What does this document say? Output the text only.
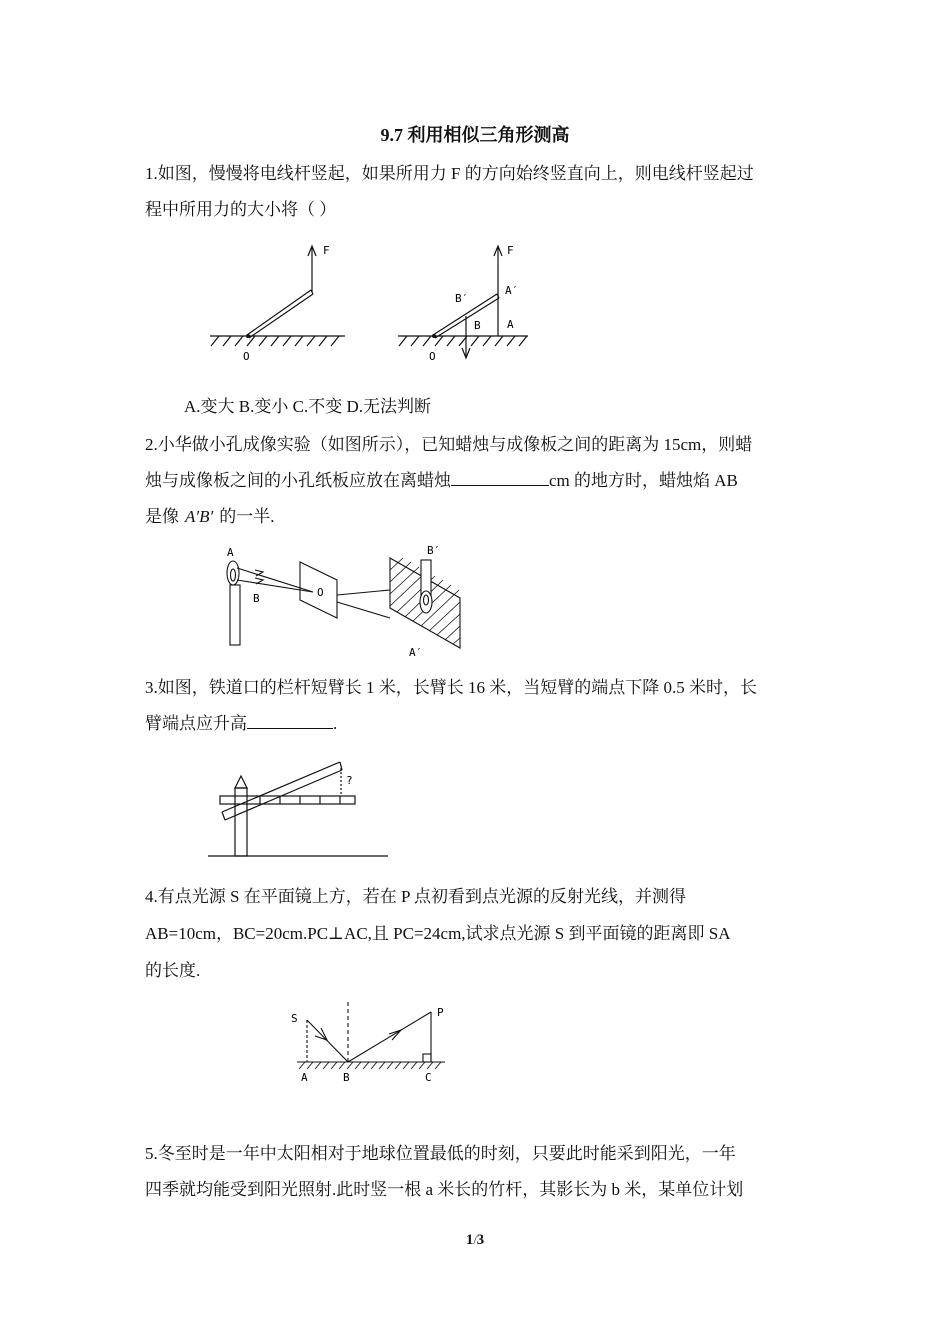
9.7 利用相似三角形测高
1.如图，慢慢将电线杆竖起，如果所用力 F 的方向始终竖直向上，则电线杆竖起过
程中所用力的大小将（ ）
F
O
F
A′
B′
B A
O
A.变大 B.变小 C.不变 D.无法判断
2.小华做小孔成像实验（如图所示），已知蜡烛与成像板之间的距离为 15cm，则蜡
烛与成像板之间的小孔纸板应放在离蜡烛	cm 的地方时，蜡烛焰 AB
是像 A′B′ 的一半.
A
B	O
B′
A′
3.如图，铁道口的栏杆短臂长 1 米，长臂长 16 米，当短臂的端点下降 0.5 米时，长
臂端点应升高	.
?
4.有点光源 S 在平面镜上方，若在 P 点初看到点光源的反射光线，并测得
AB=10cm，BC=20cm.PC⊥AC,且 PC=24cm,试求点光源 S 到平面镜的距离即 SA
的长度.
S	P
A	B	C
5.冬至时是一年中太阳相对于地球位置最低的时刻，只要此时能采到阳光，一年
四季就均能受到阳光照射.此时竖一根 a 米长的竹杆，其影长为 b 米，某单位计划
1/3
